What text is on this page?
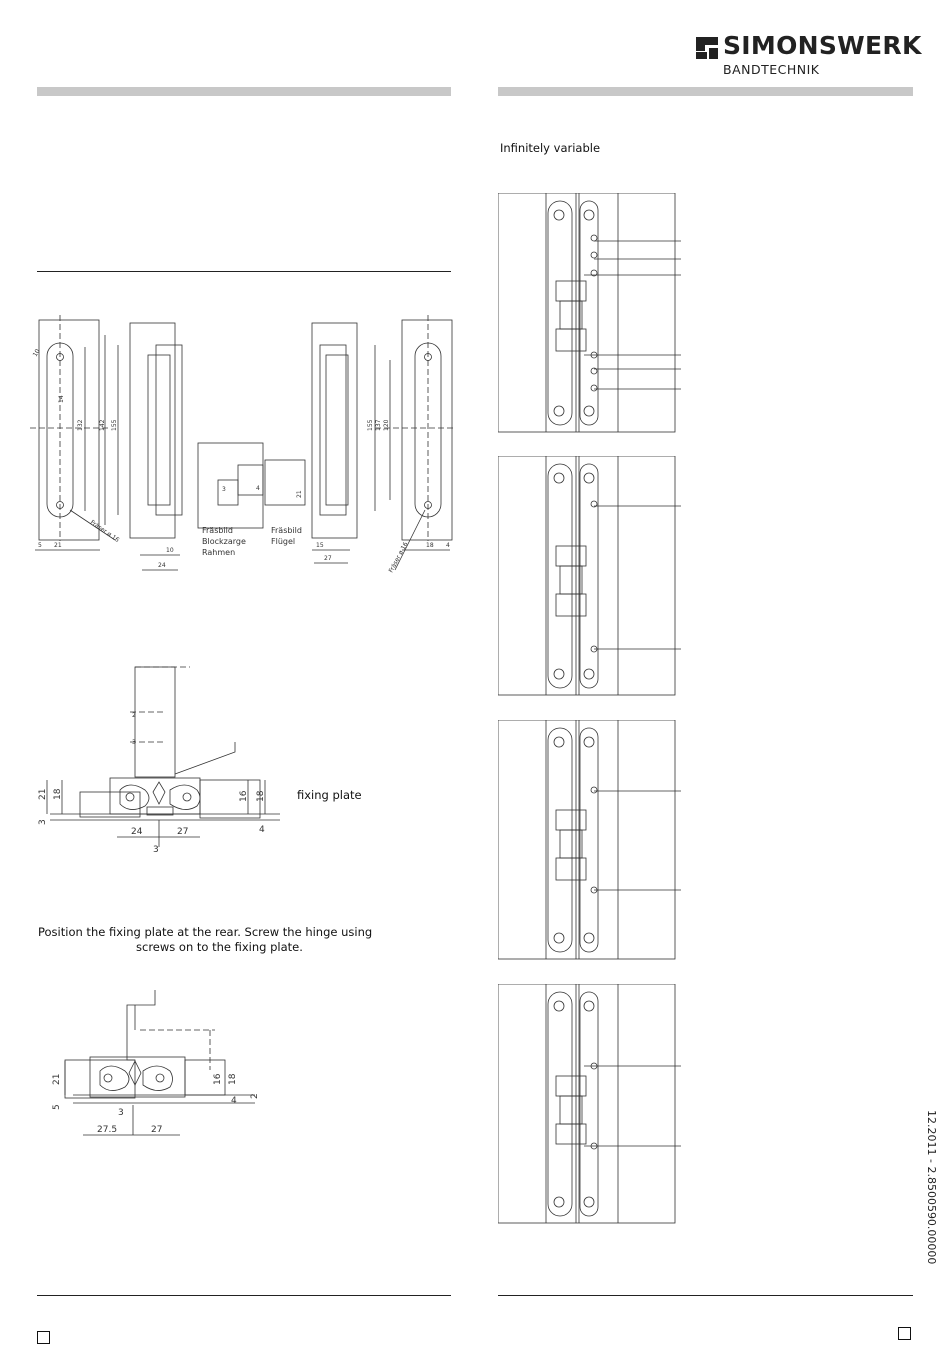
SIMONSWERK
BANDTECHNIK
Infinitely variable
21
5
10
24
15
27
18 4
132	142 155	155 137 120
10
14
21
3	4
Fräser ø 16
Fräser ø 16
Fräsbild
Blockzarge
Rahmen
Fräsbild
Flügel
21 18
3
16 18
4
24	27
3
2
3
fixing plate
Position the fixing plate at the rear. Screw the hinge using
screws on to the fixing plate.
21
5
16 18
4 2
27.5	27
3	12.2011 - 2.8500590.00000
